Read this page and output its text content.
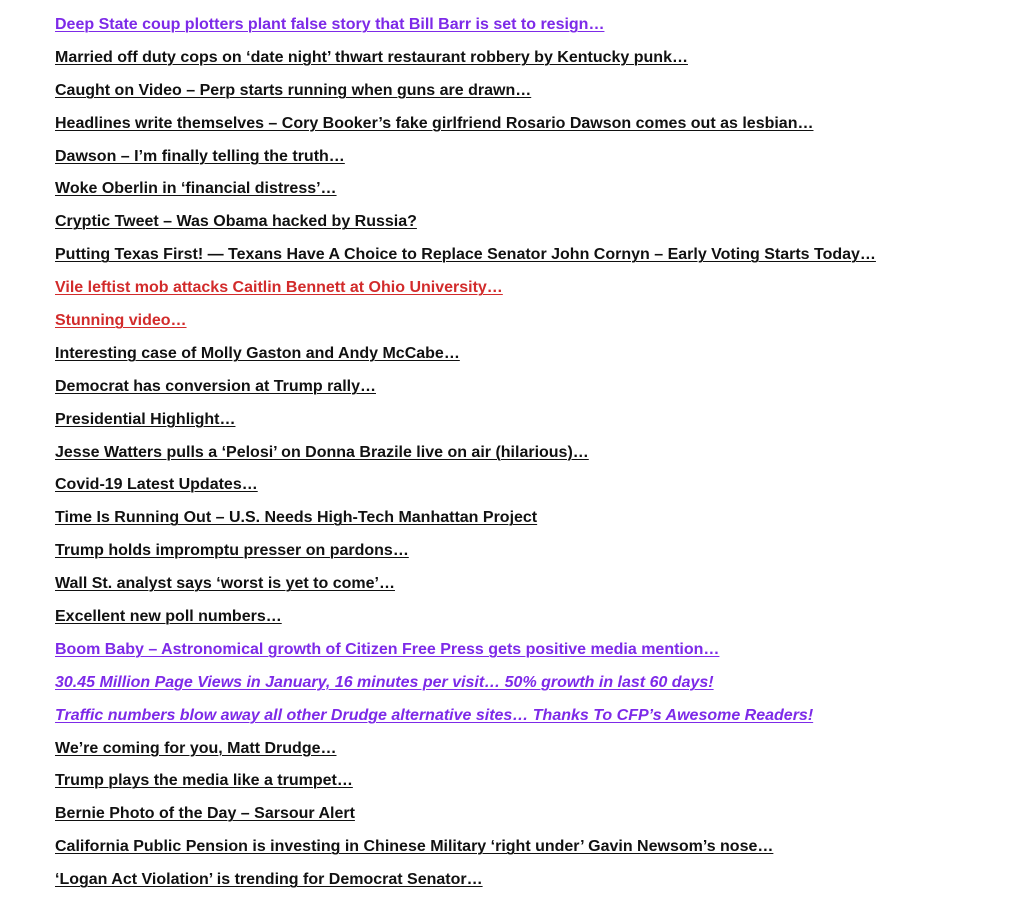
Deep State coup plotters plant false story that Bill Barr is set to resign…
Married off duty cops on ‘date night’ thwart restaurant robbery by Kentucky punk…
Caught on Video – Perp starts running when guns are drawn…
Headlines write themselves – Cory Booker’s fake girlfriend Rosario Dawson comes out as lesbian…
Dawson – I’m finally telling the truth…
Woke Oberlin in ‘financial distress’…
Cryptic Tweet – Was Obama hacked by Russia?
Putting Texas First! — Texans Have A Choice to Replace Senator John Cornyn – Early Voting Starts Today…
Vile leftist mob attacks Caitlin Bennett at Ohio University…
Stunning video…
Interesting case of Molly Gaston and Andy McCabe…
Democrat has conversion at Trump rally…
Presidential Highlight…
Jesse Watters pulls a ‘Pelosi’ on Donna Brazile live on air (hilarious)…
Covid-19 Latest Updates…
Time Is Running Out – U.S. Needs High-Tech Manhattan Project
Trump holds impromptu presser on pardons…
Wall St. analyst says ‘worst is yet to come’…
Excellent new poll numbers…
Boom Baby – Astronomical growth of Citizen Free Press gets positive media mention…
30.45 Million Page Views in January, 16 minutes per visit… 50% growth in last 60 days!
Traffic numbers blow away all other Drudge alternative sites… Thanks To CFP’s Awesome Readers!
We’re coming for you, Matt Drudge…
Trump plays the media like a trumpet…
Bernie Photo of the Day – Sarsour Alert
California Public Pension is investing in Chinese Military ‘right under’ Gavin Newsom’s nose…
‘Logan Act Violation’ is trending for Democrat Senator…
